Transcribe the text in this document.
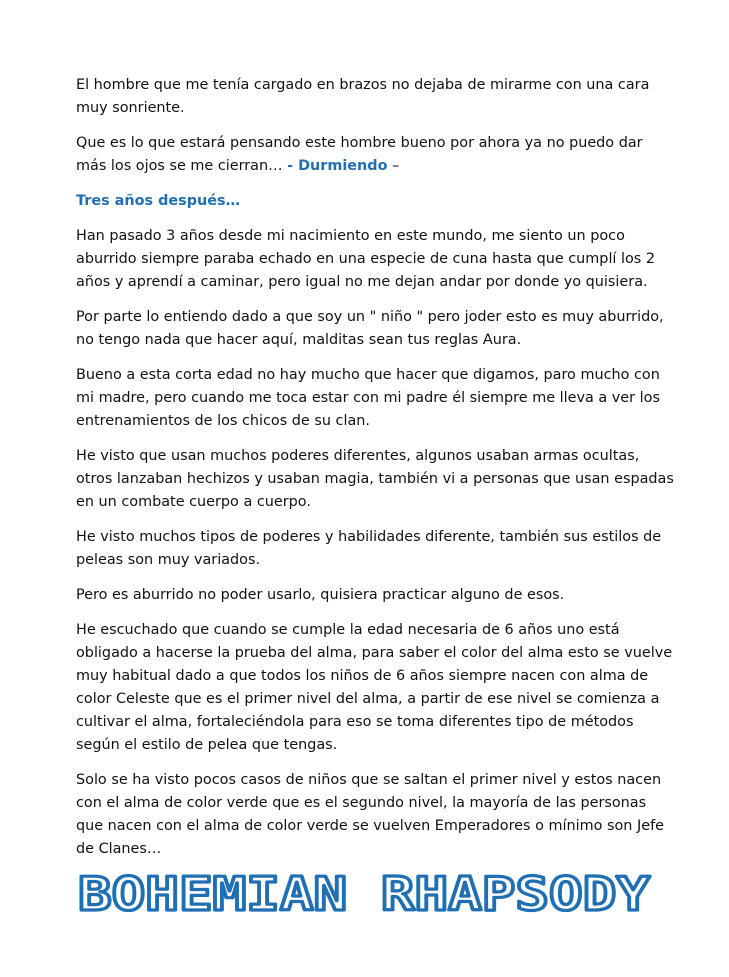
El hombre que me tenía cargado en brazos no dejaba de mirarme con una cara muy sonriente.

Que es lo que estará pensando este hombre bueno por ahora ya no puedo dar más los ojos se me cierran… - Durmiendo –

Tres años después…

Han pasado 3 años desde mi nacimiento en este mundo, me siento un poco aburrido siempre paraba echado en una especie de cuna hasta que cumplí los 2 años y aprendí a caminar, pero igual no me dejan andar por donde yo quisiera.

Por parte lo entiendo dado a que soy un " niño " pero joder esto es muy aburrido, no tengo nada que hacer aquí, malditas sean tus reglas Aura.

Bueno a esta corta edad no hay mucho que hacer que digamos, paro mucho con mi madre, pero cuando me toca estar con mi padre él siempre me lleva a ver los entrenamientos de los chicos de su clan.

He visto que usan muchos poderes diferentes, algunos usaban armas ocultas, otros lanzaban hechizos y usaban magia, también vi a personas que usan espadas en un combate cuerpo a cuerpo.

He visto muchos tipos de poderes y habilidades diferente, también sus estilos de peleas son muy variados.

Pero es aburrido no poder usarlo, quisiera practicar alguno de esos.

He escuchado que cuando se cumple la edad necesaria de 6 años uno está obligado a hacerse la prueba del alma, para saber el color del alma esto se vuelve muy habitual dado a que todos los niños de 6 años siempre nacen con alma de color Celeste que es el primer nivel del alma, a partir de ese nivel se comienza a cultivar el alma, fortaleciéndola para eso se toma diferentes tipo de métodos según el estilo de pelea que tengas.

Solo se ha visto pocos casos de niños que se saltan el primer nivel y estos nacen con el alma de color verde que es el segundo nivel, la mayoría de las personas que nacen con el alma de color verde se vuelven Emperadores o mínimo son Jefe de Clanes…

BOHEMIAN RHAPSODY
